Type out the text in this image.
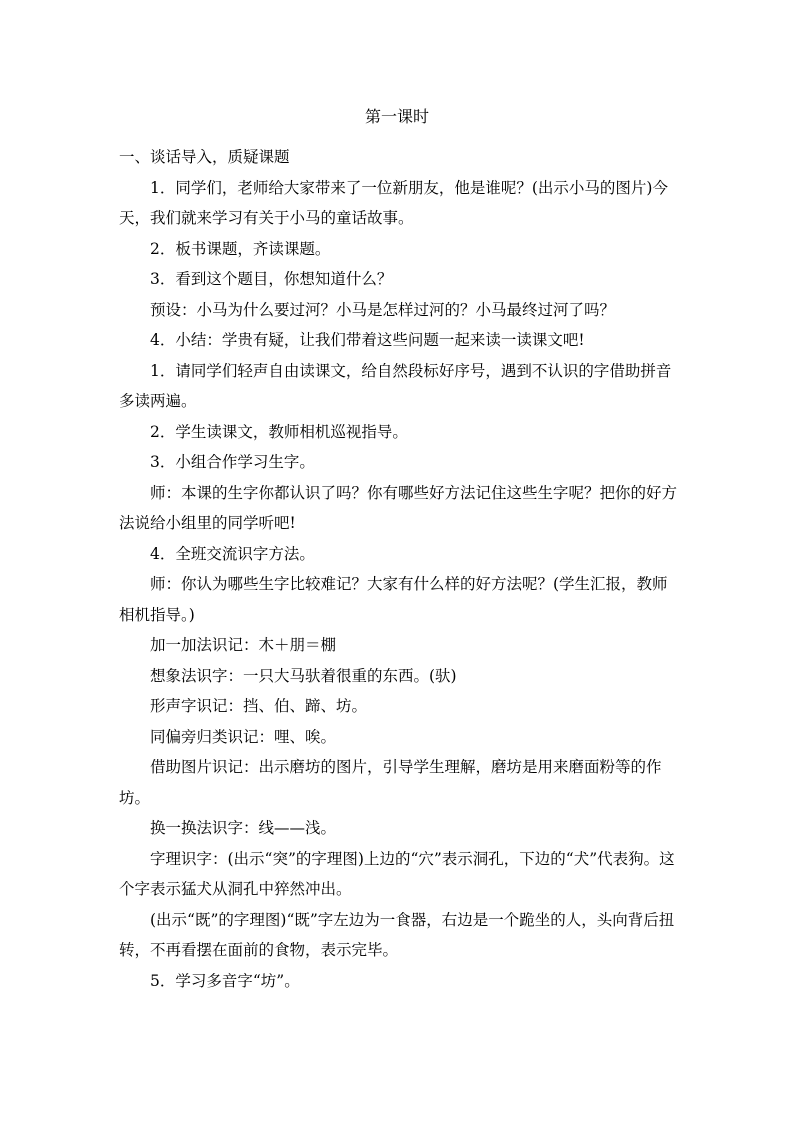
第一课时

一、谈话导入，质疑课题

1．同学们，老师给大家带来了一位新朋友，他是谁呢？(出示小马的图片)今天，我们就来学习有关于小马的童话故事。

2．板书课题，齐读课题。

3．看到这个题目，你想知道什么？

预设：小马为什么要过河？小马是怎样过河的？小马最终过河了吗？

4．小结：学贵有疑，让我们带着这些问题一起来读一读课文吧!

1．请同学们轻声自由读课文，给自然段标好序号，遇到不认识的字借助拼音多读两遍。

2．学生读课文，教师相机巡视指导。

3．小组合作学习生字。

师：本课的生字你都认识了吗？你有哪些好方法记住这些生字呢？把你的好方法说给小组里的同学听吧!

4．全班交流识字方法。

师：你认为哪些生字比较难记？大家有什么样的好方法呢？(学生汇报，教师相机指导。)

加一加法识记：木＋朋＝棚

想象法识字：一只大马驮着很重的东西。(驮)

形声字识记：挡、伯、蹄、坊。

同偏旁归类识记：哩、唉。

借助图片识记：出示磨坊的图片，引导学生理解，磨坊是用来磨面粉等的作坊。

换一换法识字：线——浅。

字理识字：(出示“突”的字理图)上边的“穴”表示洞孔，下边的“犬”代表狗。这个字表示猛犬从洞孔中猝然冲出。

(出示“既”的字理图)“既”字左边为一食器，右边是一个跪坐的人，头向背后扭转，不再看摆在面前的食物，表示完毕。

5．学习多音字“坊”。
